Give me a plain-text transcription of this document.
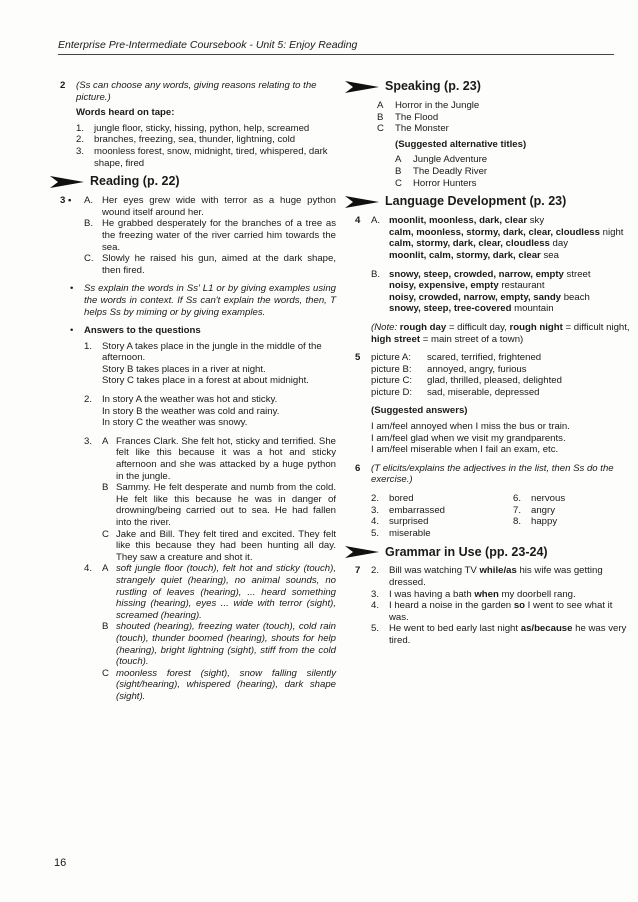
Enterprise Pre-Intermediate Coursebook - Unit 5: Enjoy Reading
2	(Ss can choose any words, giving reasons relating to the picture.)
Words heard on tape:
1.	jungle floor, sticky, hissing, python, help, screamed
2.	branches, freezing, sea, thunder, lightning, cold
3.	moonless forest, snow, midnight, tired, whispered, dark shape, fired
Reading (p. 22)
3 •	A. Her eyes grew wide with terror as a huge python wound itself around her.
B. He grabbed desperately for the branches of a tree as the freezing water of the river carried him towards the sea.
C. Slowly he raised his gun, aimed at the dark shape, then fired.
•	Ss explain the words in Ss' L1 or by giving examples using the words in context. If Ss can't explain the words, then, T helps Ss by miming or by giving examples.
•	Answers to the questions
1.	Story A takes place in the jungle in the middle of the afternoon.
Story B takes places in a river at night.
Story C takes place in a forest at about midnight.
2.	In story A the weather was hot and sticky.
In story B the weather was cold and rainy.
In story C the weather was snowy.
3.	A Frances Clark. She felt hot, sticky and terrified. She felt like this because it was a hot and sticky afternoon and she was attacked by a huge python in the jungle.
B Sammy. He felt desperate and numb from the cold. He felt like this because he was in danger of drowning/being carried out to sea. He had fallen into the river.
C Jake and Bill. They felt tired and excited. They felt like this because they had been hunting all day. They saw a creature and shot it.
4.	A soft jungle floor (touch), felt hot and sticky (touch), strangely quiet (hearing), no animal sounds, no rustling of leaves (hearing), ... heard something hissing (hearing), eyes ... wide with terror (sight), screamed (hearing).
B shouted (hearing), freezing water (touch), cold rain (touch), thunder boomed (hearing), shouts for help (hearing), bright lightning (sight), stiff from the cold (touch).
C moonless forest (sight), snow falling silently (sight/hearing), whispered (hearing), dark shape (sight).
Speaking (p. 23)
A	Horror in the Jungle
B	The Flood
C	The Monster
(Suggested alternative titles)
A	Jungle Adventure
B	The Deadly River
C	Horror Hunters
Language Development (p. 23)
4	A. moonlit, moonless, dark, clear sky
calm, moonless, stormy, dark, clear, cloudless night
calm, stormy, dark, clear, cloudless day
moonlit, calm, stormy, dark, clear sea
B. snowy, steep, crowded, narrow, empty street
noisy, expensive, empty restaurant
noisy, crowded, narrow, empty, sandy beach
snowy, steep, tree-covered mountain
(Note: rough day = difficult day, rough night = difficult night, high street = main street of a town)
5	picture A:	scared, terrified, frightened
picture B:	annoyed, angry, furious
picture C:	glad, thrilled, pleased, delighted
picture D:	sad, miserable, depressed
(Suggested answers)
I am/feel annoyed when I miss the bus or train.
I am/feel glad when we visit my grandparents.
I am/feel miserable when I fail an exam, etc.
6	(T elicits/explains the adjectives in the list, then Ss do the exercise.)
2.	bored	6.	nervous
3.	embarrassed	7.	angry
4.	surprised	8.	happy
5.	miserable
Grammar in Use (pp. 23-24)
7	2.	Bill was watching TV while/as his wife was getting dressed.
3.	I was having a bath when my doorbell rang.
4.	I heard a noise in the garden so I went to see what it was.
5.	He went to bed early last night as/because he was very tired.
16
